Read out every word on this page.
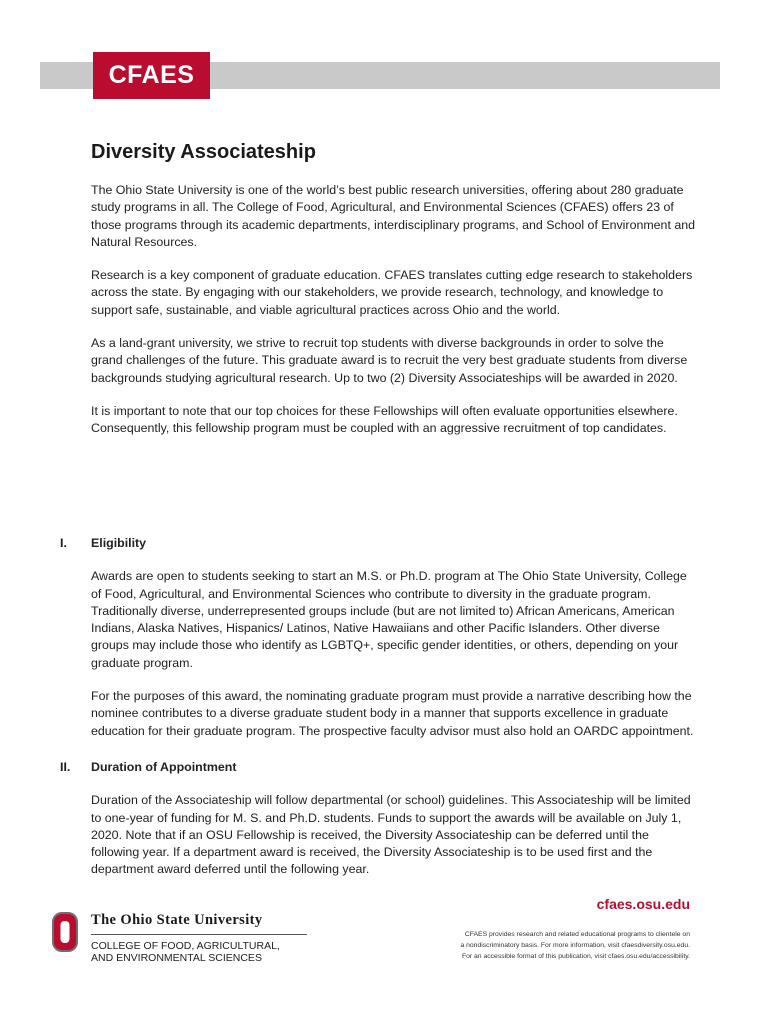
CFAES
Diversity Associateship

The Ohio State University is one of the world’s best public research universities, offering about 280 graduate study programs in all. The College of Food, Agricultural, and Environmental Sciences (CFAES) offers 23 of those programs through its academic departments, interdisciplinary programs, and School of Environment and Natural Resources.

Research is a key component of graduate education. CFAES translates cutting edge research to stakeholders across the state. By engaging with our stakeholders, we provide research, technology, and knowledge to support safe, sustainable, and viable agricultural practices across Ohio and the world.

As a land-grant university, we strive to recruit top students with diverse backgrounds in order to solve the grand challenges of the future. This graduate award is to recruit the very best graduate students from diverse backgrounds studying agricultural research. Up to two (2) Diversity Associateships will be awarded in 2020.

It is important to note that our top choices for these Fellowships will often evaluate opportunities elsewhere. Consequently, this fellowship program must be coupled with an aggressive recruitment of top candidates.

I. Eligibility

Awards are open to students seeking to start an M.S. or Ph.D. program at The Ohio State University, College of Food, Agricultural, and Environmental Sciences who contribute to diversity in the graduate program. Traditionally diverse, underrepresented groups include (but are not limited to) African Americans, American Indians, Alaska Natives, Hispanics/ Latinos, Native Hawaiians and other Pacific Islanders. Other diverse groups may include those who identify as LGBTQ+, specific gender identities, or others, depending on your graduate program.

For the purposes of this award, the nominating graduate program must provide a narrative describing how the nominee contributes to a diverse graduate student body in a manner that supports excellence in graduate education for their graduate program. The prospective faculty advisor must also hold an OARDC appointment.

II. Duration of Appointment

Duration of the Associateship will follow departmental (or school) guidelines. This Associateship will be limited to one-year of funding for M. S. and Ph.D. students. Funds to support the awards will be available on July 1, 2020. Note that if an OSU Fellowship is received, the Diversity Associateship can be deferred until the following year. If a department award is received, the Diversity Associateship is to be used first and the department award deferred until the following year.

cfaes.osu.edu
The Ohio State University
COLLEGE OF FOOD, AGRICULTURAL,
AND ENVIRONMENTAL SCIENCES
CFAES provides research and related educational programs to clientele on
a nondiscriminatory basis. For more information, visit cfaesdiversity.osu.edu.
For an accessible format of this publication, visit cfaes.osu.edu/accessibility.
